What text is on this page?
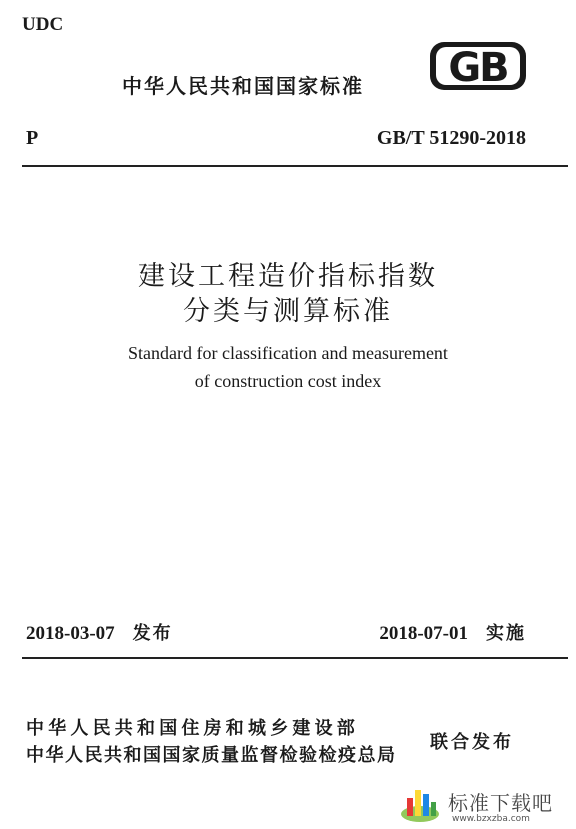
UDC
中华人民共和国国家标准 GB
P	GB/T 51290-2018
建设工程造价指标指数
分类与测算标准
Standard for classification and measurement
of construction cost index
2018-03-07 发布	2018-07-01 实施
中华人民共和国住房和城乡建设部
中华人民共和国国家质量监督检验检疫总局
联合发布
标准下载吧
www.bzxzba.com
